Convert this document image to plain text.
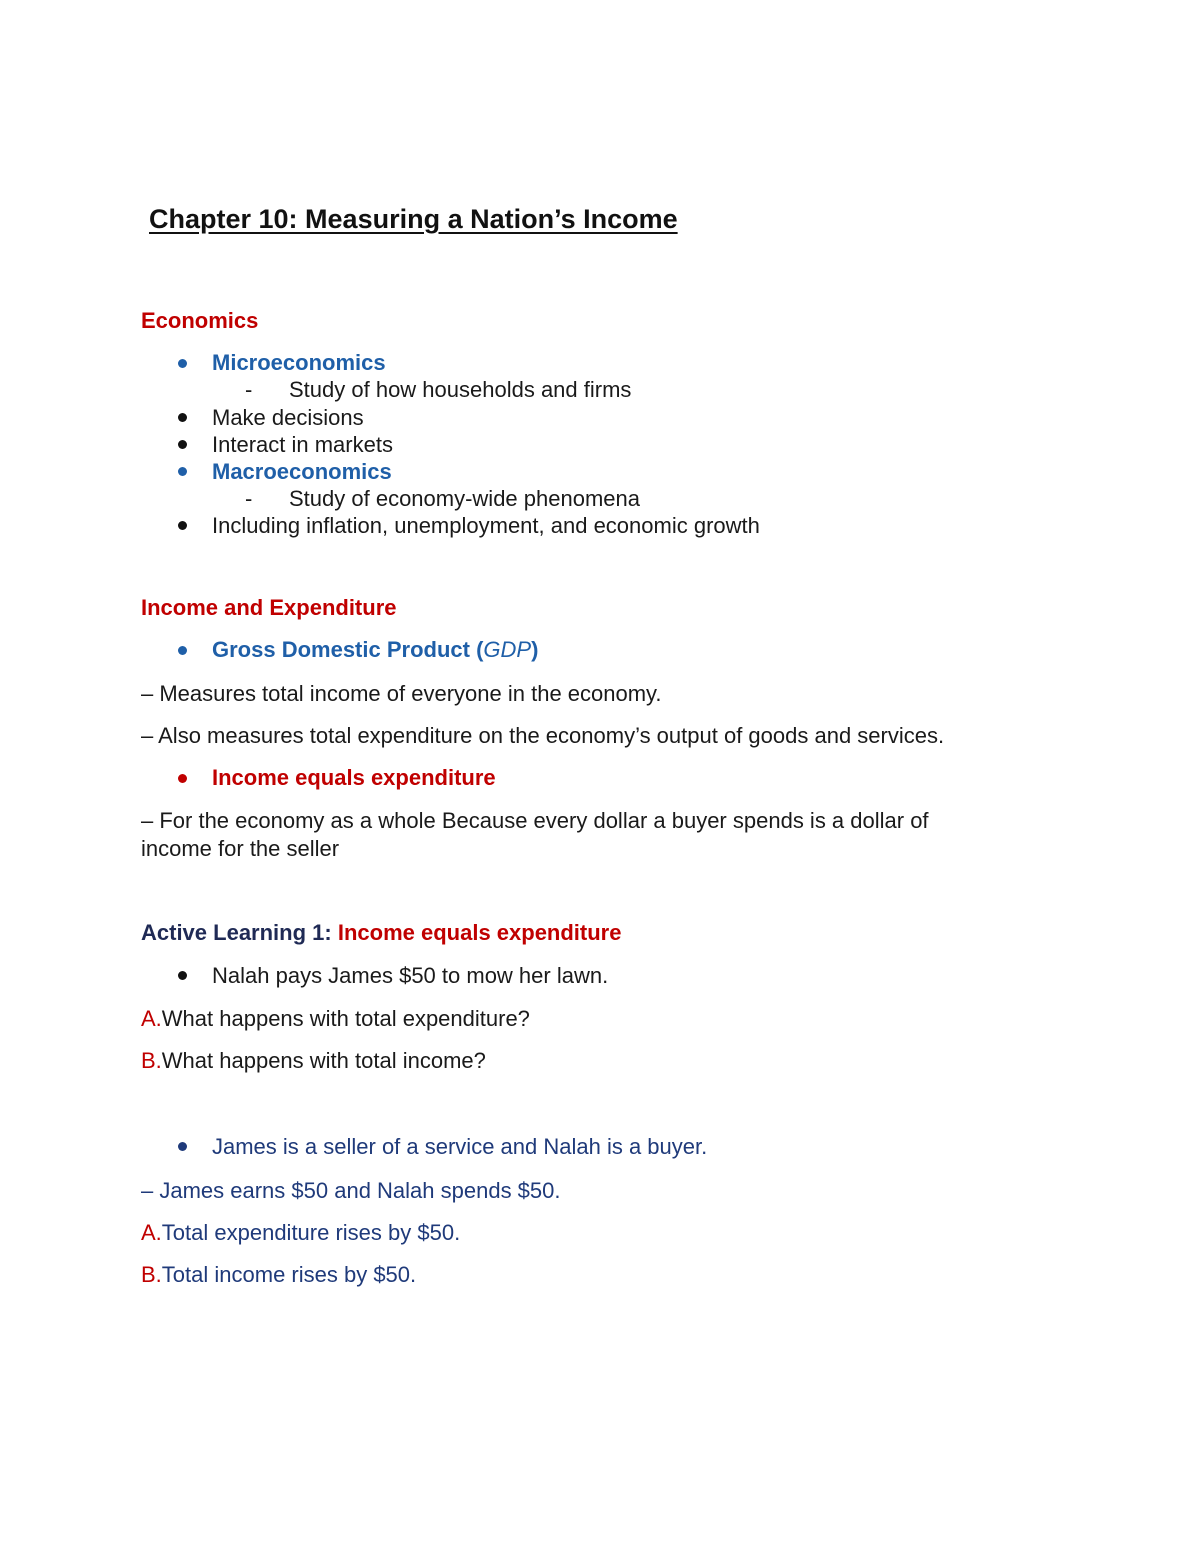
Chapter 10: Measuring a Nation’s Income
Economics
Microeconomics
- Study of how households and firms
Make decisions
Interact in markets
Macroeconomics
- Study of economy-wide phenomena
Including inflation, unemployment, and economic growth
Income and Expenditure
Gross Domestic Product (GDP)
– Measures total income of everyone in the economy.
– Also measures total expenditure on the economy’s output of goods and services.
Income equals expenditure
– For the economy as a whole Because every dollar a buyer spends is a dollar of
income for the seller
Active Learning 1: Income equals expenditure
Nalah pays James $50 to mow her lawn.
A.What happens with total expenditure?
B.What happens with total income?
James is a seller of a service and Nalah is a buyer.
– James earns $50 and Nalah spends $50.
A.Total expenditure rises by $50.
B.Total income rises by $50.
